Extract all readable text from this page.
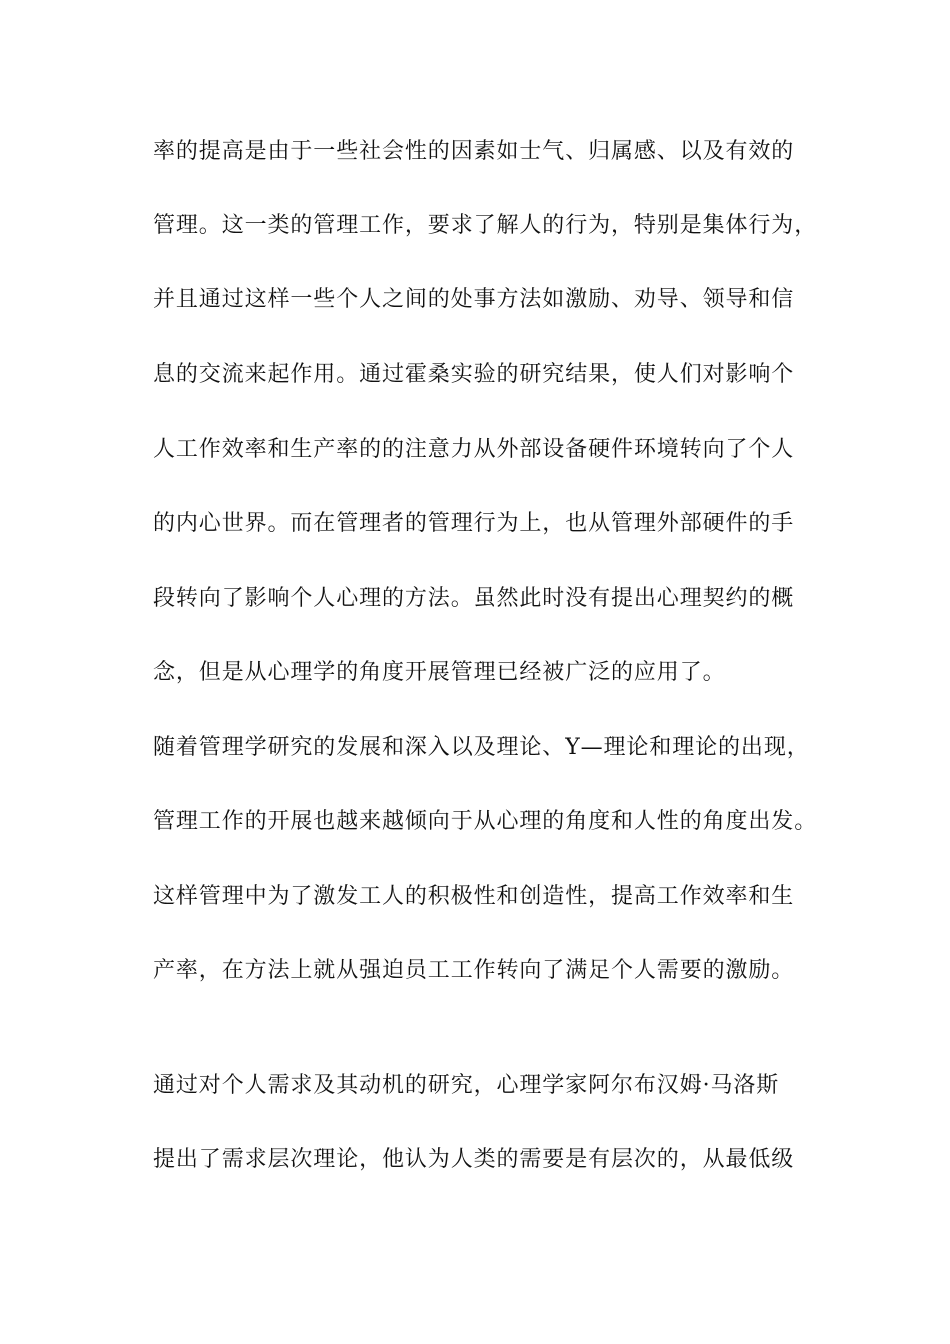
率的提高是由于一些社会性的因素如士气、归属感、以及有效的

管理。这一类的管理工作，要求了解人的行为，特别是集体行为，

并且通过这样一些个人之间的处事方法如激励、劝导、领导和信

息的交流来起作用。通过霍桑实验的研究结果，使人们对影响个

人工作效率和生产率的的注意力从外部设备硬件环境转向了个人

的内心世界。而在管理者的管理行为上，也从管理外部硬件的手

段转向了影响个人心理的方法。虽然此时没有提出心理契约的概

念，但是从心理学的角度开展管理已经被广泛的应用了。

随着管理学研究的发展和深入以及理论、Y—理论和理论的出现，

管理工作的开展也越来越倾向于从心理的角度和人性的角度出发。

这样管理中为了激发工人的积极性和创造性，提高工作效率和生

产率，在方法上就从强迫员工工作转向了满足个人需要的激励。

通过对个人需求及其动机的研究，心理学家阿尔布汉姆·马洛斯

提出了需求层次理论，他认为人类的需要是有层次的，从最低级
